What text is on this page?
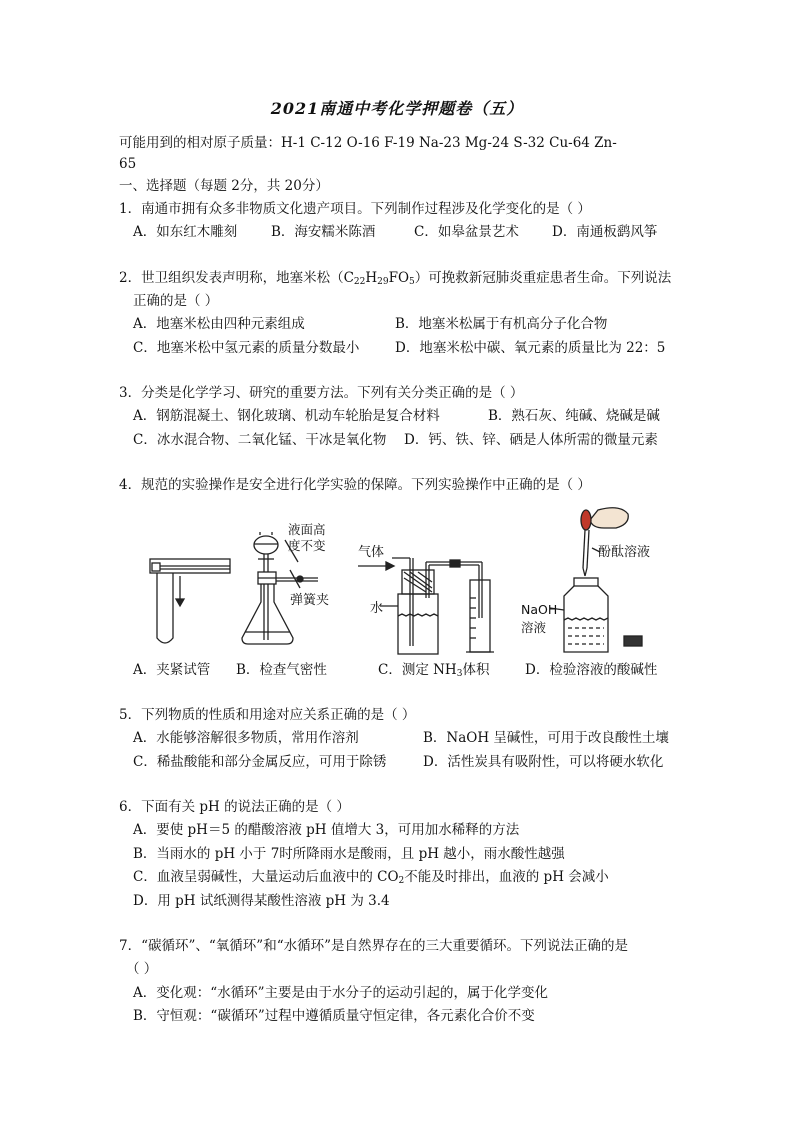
2021南通中考化学押题卷（五）
可能用到的相对原子质量：H-1 C-12 O-16 F-19 Na-23 Mg-24 S-32 Cu-64 Zn-
65
一、选择题（每题 2分，共 20分）
1．南通市拥有众多非物质文化遗产项目。下列制作过程涉及化学变化的是（ ）
A．如东红木雕刻	B．海安糯米陈酒	C．如皋盆景艺术 D．南通板鹞风筝
2．世卫组织发表声明称，地塞米松$(C_{22}H_{29}FO_5)$可挽救新冠肺炎重症患者生命。下列说法
正确的是（ ）
A．地塞米松由四种元素组成	B．地塞米松属于有机高分子化合物
C．地塞米松中氢元素的质量分数最小	D．地塞米松中碳、氧元素的质量比为 22：5
3．分类是化学学习、研究的重要方法。下列有关分类正确的是（ ）
A．钢筋混凝土、钢化玻璃、机动车轮胎是复合材料	B．熟石灰、纯碱、烧碱是碱
C．冰水混合物、二氧化锰、干冰是氧化物 D．钙、铁、锌、硒是人体所需的微量元素
4．规范的实验操作是安全进行化学实验的保障。下列实验操作中正确的是（ ）
液面高
度不变
弹簧夹
气体
水	NaOH
溶液
酚酞溶液
A．夹紧试管 B．检查气密性	C．测定 $NH_3$体积	D．检验溶液的酸碱性
5．下列物质的性质和用途对应关系正确的是（ ）
A．水能够溶解很多物质，常用作溶剂	B．NaOH 呈碱性，可用于改良酸性土壤
C．稀盐酸能和部分金属反应，可用于除锈	D．活性炭具有吸附性，可以将硬水软化
6．下面有关 pH 的说法正确的是（ ）
A．要使 pH＝5 的醋酸溶液 pH 值增大 3，可用加水稀释的方法
B．当雨水的 pH 小于 7时所降雨水是酸雨，且 pH 越小，雨水酸性越强
C．血液呈弱碱性，大量运动后血液中的 $CO_2$不能及时排出，血液的 pH 会减小
D．用 pH 试纸测得某酸性溶液 pH 为 3.4
7．“碳循环”、“氧循环”和“水循环”是自然界存在的三大重要循环。下列说法正确的是
（ ）
A．变化观：“水循环”主要是由于水分子的运动引起的，属于化学变化
B．守恒观：“碳循环”过程中遵循质量守恒定律，各元素化合价不变
